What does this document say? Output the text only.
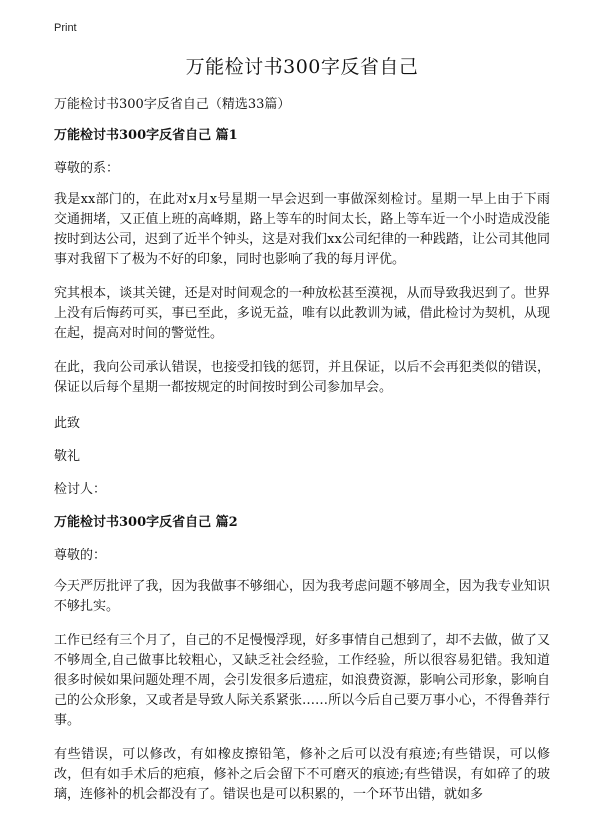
Print
万能检讨书300字反省自己

万能检讨书300字反省自己（精选33篇）

万能检讨书300字反省自己 篇1

尊敬的系：

我是xx部门的，在此对x月x号星期一早会迟到一事做深刻检讨。星期一早上由于下雨交通拥堵，又正值上班的高峰期，路上等车的时间太长，路上等车近一个小时造成没能按时到达公司，迟到了近半个钟头，这是对我们xx公司纪律的一种践踏，让公司其他同事对我留下了极为不好的印象，同时也影响了我的每月评优。

究其根本，谈其关键，还是对时间观念的一种放松甚至漠视，从而导致我迟到了。世界上没有后悔药可买，事已至此，多说无益，唯有以此教训为诫，借此检讨为契机，从现在起，提高对时间的警觉性。

在此，我向公司承认错误，也接受扣钱的惩罚，并且保证，以后不会再犯类似的错误，保证以后每个星期一都按规定的时间按时到公司参加早会。

此致

敬礼

检讨人：

万能检讨书300字反省自己 篇2

尊敬的：

今天严厉批评了我，因为我做事不够细心，因为我考虑问题不够周全，因为我专业知识不够扎实。

工作已经有三个月了，自己的不足慢慢浮现，好多事情自己想到了，却不去做，做了又不够周全,自己做事比较粗心，又缺乏社会经验，工作经验，所以很容易犯错。我知道很多时候如果问题处理不周，会引发很多后遗症，如浪费资源，影响公司形象，影响自己的公众形象，又或者是导致人际关系紧张……所以今后自己要万事小心，不得鲁莽行事。

有些错误，可以修改，有如橡皮擦铅笔，修补之后可以没有痕迹;有些错误，可以修改，但有如手术后的疤痕，修补之后会留下不可磨灭的痕迹;有些错误，有如碎了的玻璃，连修补的机会都没有了。错误也是可以积累的，一个环节出错，就如多
